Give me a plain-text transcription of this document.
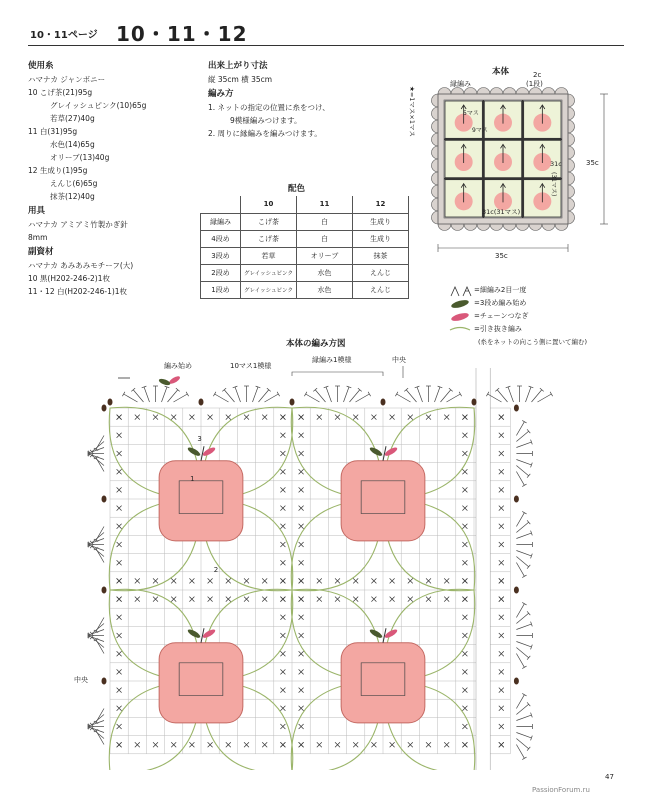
10・11ページ 10・11・12
使用糸
ハマナカ ジャンボニー
10 こげ茶(21)95g
グレイッシュピンク(10)65g
若草(27)40g
11 白(31)95g
水色(14)65g
オリーブ(13)40g
12 生成り(1)95g
えんじ(6)65g
抹茶(12)40g
用具
ハマナカ アミアミ竹製かぎ針
8mm
副資材
ハマナカ あみあみモチーフ(大)
10 黒(H202-246-2)1枚
11・12 白(H202-246-1)1枚
出来上がり寸法
縦 35cm 横 35cm
編み方
1. ネットの指定の位置に糸をつけ、
9模様編みつけます。
2. 周りに縁編みを編みつけます。
配色
	10	11	12
縁編み	こげ茶	白	生成り
4段め	こげ茶	白	生成り
3段め	若草	オリーブ	抹茶
2段め	グレイッシュピンク	水色	えんじ
1段め	グレイッシュピンク	水色	えんじ
本体
縁編み
2c
(1段)
★=1マス×1マス	5マス
9マス
31c
(31マス)
31c(31マス)
35c
35c
=細編み2目一度
=3段め編み始め
=チェーンつなぎ
=引き抜き編み
(糸をネットの向こう側に置いて編む)
本体の編み方図
編み始め	10マス1模様
縁編み1模様	中央
中央
1
2
3
47
PassionForum.ru
